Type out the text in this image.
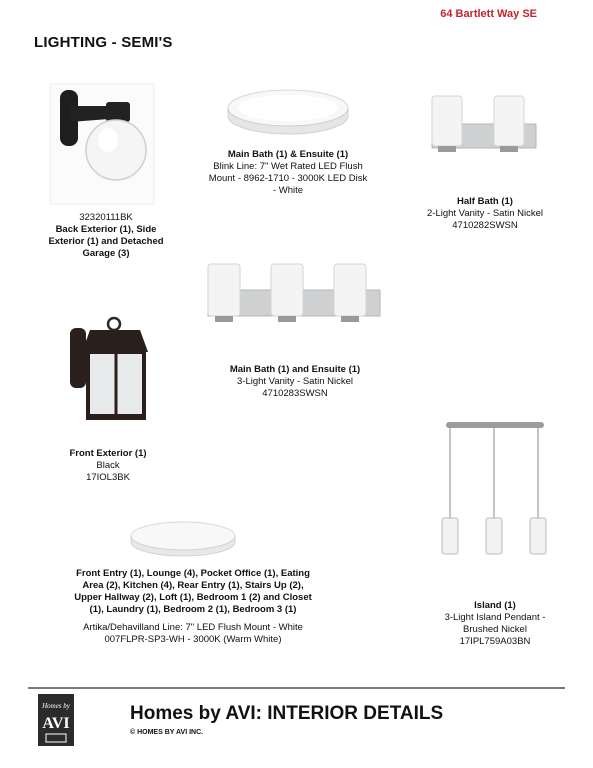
64 Bartlett Way SE
LIGHTING - SEMI'S
32320111BK
Back Exterior (1), Side Exterior (1) and Detached Garage (3)
Main Bath (1) & Ensuite (1)
Blink Line: 7" Wet Rated LED Flush Mount - 8962-1710 - 3000K LED Disk - White
Half Bath (1)
2-Light Vanity - Satin Nickel
4710282SWSN
Main Bath (1) and Ensuite (1)
3-Light Vanity - Satin Nickel
4710283SWSN
Front Exterior (1)
Black
17IOL3BK
Island (1)
3-Light Island Pendant - Brushed Nickel
17IPL759A03BN
Front Entry (1), Lounge (4), Pocket Office (1), Eating Area (2), Kitchen (4), Rear Entry (1), Stairs Up (2), Upper Hallway (2), Loft (1), Bedroom 1 (2) and Closet (1), Laundry (1), Bedroom 2 (1), Bedroom 3 (1)
Artika/Dehavilland Line: 7" LED Flush Mount - White 007FLPR-SP3-WH - 3000K (Warm White)
Homes by
AVI	Homes by AVI: INTERIOR DETAILS
© HOMES BY AVI INC.
